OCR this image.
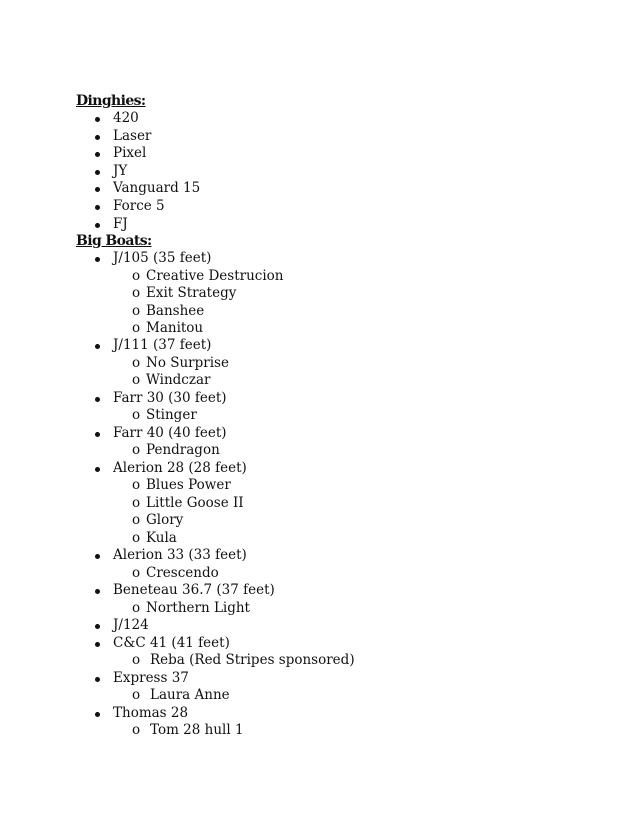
Dinghies:
420
Laser
Pixel
JY
Vanguard 15
Force 5
FJ
Big Boats:
J/105 (35 feet)
o Creative Destrucion
o Exit Strategy
o Banshee
o Manitou
J/111 (37 feet)
o No Surprise
o Windczar
Farr 30 (30 feet)
o Stinger
Farr 40 (40 feet)
o Pendragon
Alerion 28 (28 feet)
o Blues Power
o Little Goose II
o Glory
o Kula
Alerion 33 (33 feet)
o Crescendo
Beneteau 36.7 (37 feet)
o Northern Light
J/124
C&C 41 (41 feet)
o Reba (Red Stripes sponsored)
Express 37
o Laura Anne
Thomas 28
o Tom 28 hull 1
